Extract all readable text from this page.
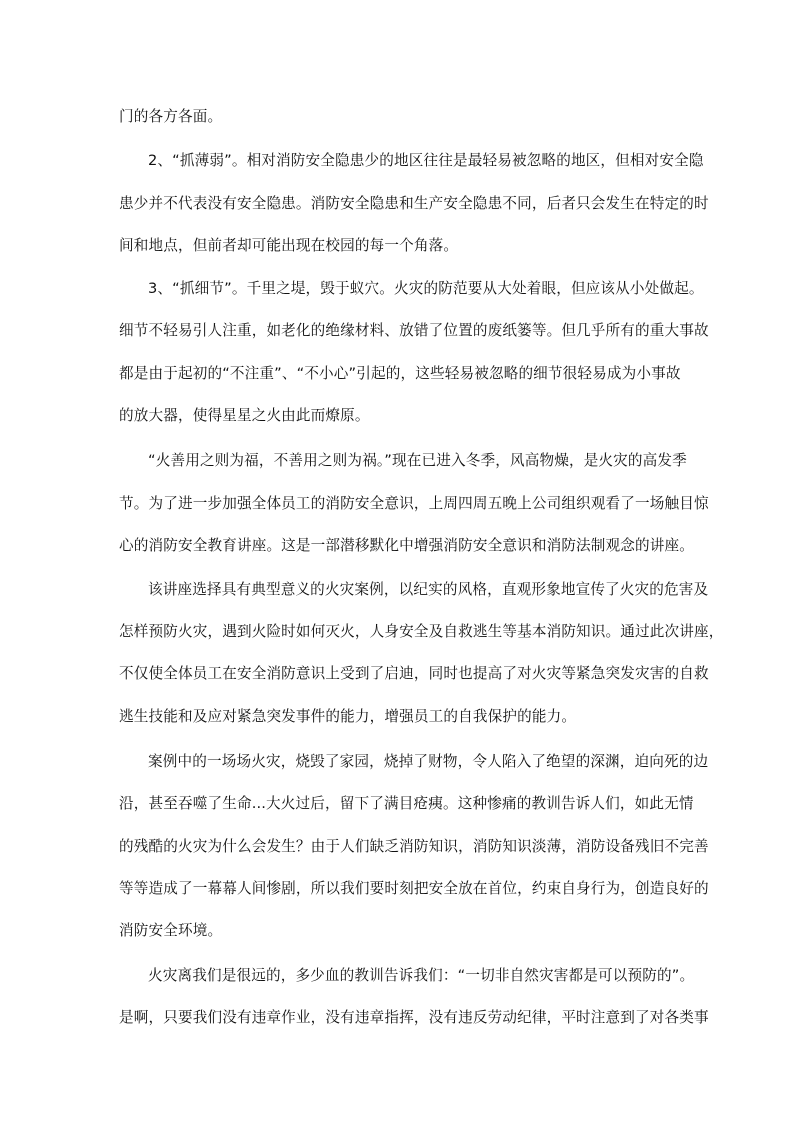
门的各方各面。
2、“抓薄弱”。相对消防安全隐患少的地区往往是最轻易被忽略的地区，但相对安全隐
患少并不代表没有安全隐患。消防安全隐患和生产安全隐患不同，后者只会发生在特定的时
间和地点，但前者却可能出现在校园的每一个角落。
3、“抓细节”。千里之堤，毁于蚁穴。火灾的防范要从大处着眼，但应该从小处做起。
细节不轻易引人注重，如老化的绝缘材料、放错了位置的废纸篓等。但几乎所有的重大事故
都是由于起初的“不注重”、“不小心”引起的，这些轻易被忽略的细节很轻易成为小事故
的放大器，使得星星之火由此而燎原。
“火善用之则为福，不善用之则为祸。”现在已进入冬季，风高物燥，是火灾的高发季
节。为了进一步加强全体员工的消防安全意识，上周四周五晚上公司组织观看了一场触目惊
心的消防安全教育讲座。这是一部潜移默化中增强消防安全意识和消防法制观念的讲座。
该讲座选择具有典型意义的火灾案例，以纪实的风格，直观形象地宣传了火灾的危害及
怎样预防火灾，遇到火险时如何灭火，人身安全及自救逃生等基本消防知识。通过此次讲座，
不仅使全体员工在安全消防意识上受到了启迪，同时也提高了对火灾等紧急突发灾害的自救
逃生技能和及应对紧急突发事件的能力，增强员工的自我保护的能力。
案例中的一场场火灾，烧毁了家园，烧掉了财物，令人陷入了绝望的深渊，迫向死的边
沿，甚至吞噬了生命...大火过后，留下了满目疮痍。这种惨痛的教训告诉人们，如此无情
的残酷的火灾为什么会发生？由于人们缺乏消防知识，消防知识淡薄，消防设备残旧不完善
等等造成了一幕幕人间惨剧，所以我们要时刻把安全放在首位，约束自身行为，创造良好的
消防安全环境。
火灾离我们是很远的，多少血的教训告诉我们：“一切非自然灾害都是可以预防的”。
是啊，只要我们没有违章作业，没有违章指挥，没有违反劳动纪律，平时注意到了对各类事
